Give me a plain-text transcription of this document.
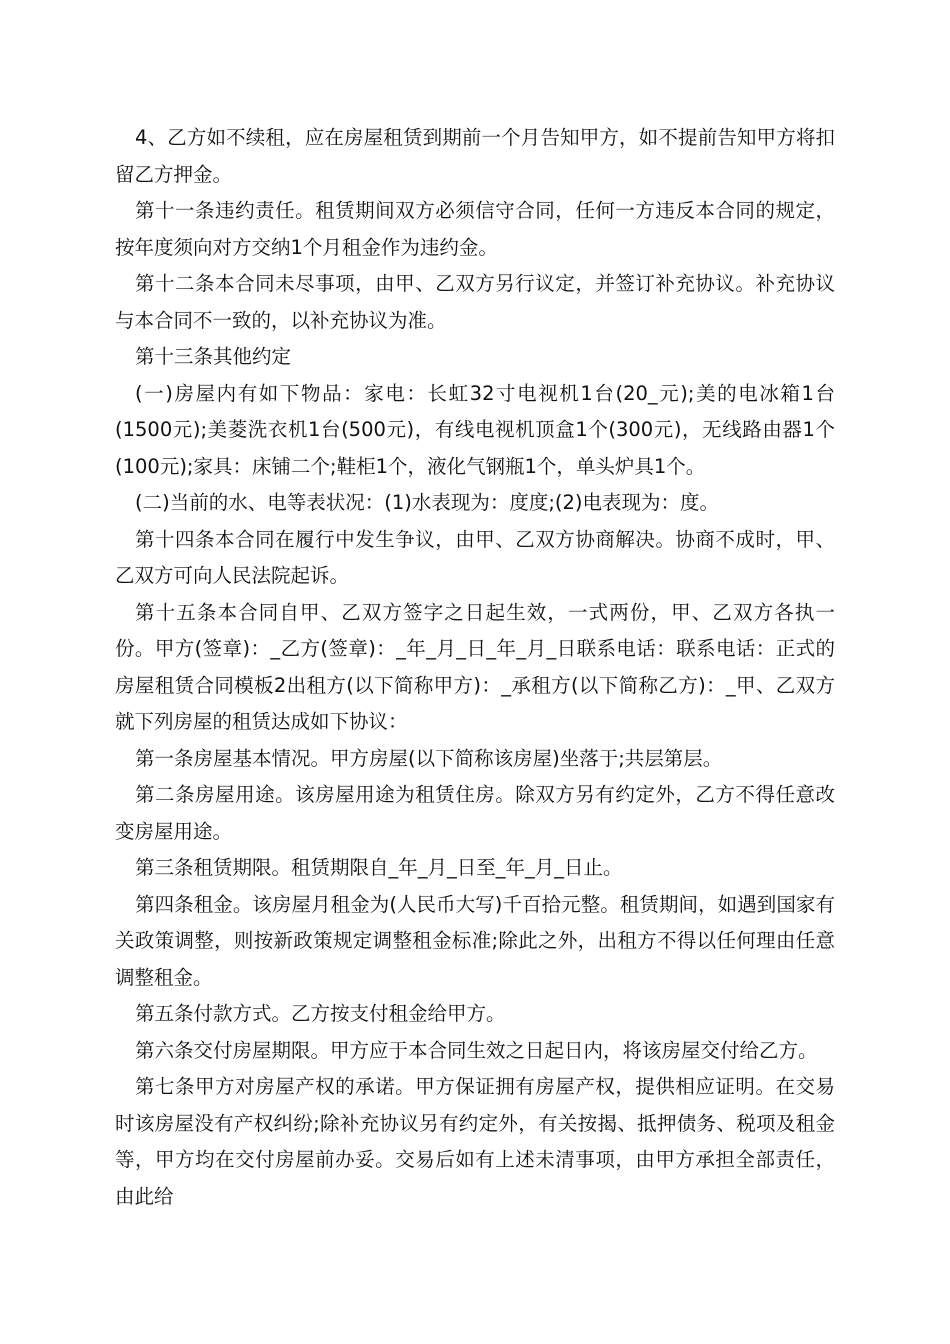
4、乙方如不续租，应在房屋租赁到期前一个月告知甲方，如不提前告知甲方将扣留乙方押金。

第十一条违约责任。租赁期间双方必须信守合同，任何一方违反本合同的规定，按年度须向对方交纳1个月租金作为违约金。

第十二条本合同未尽事项，由甲、乙双方另行议定，并签订补充协议。补充协议与本合同不一致的，以补充协议为准。

第十三条其他约定

(一)房屋内有如下物品：家电：长虹32寸电视机1台(20_元);美的电冰箱1台(1500元);美菱洗衣机1台(500元)，有线电视机顶盒1个(300元)，无线路由器1个(100元);家具：床铺二个;鞋柜1个，液化气钢瓶1个，单头炉具1个。

(二)当前的水、电等表状况：(1)水表现为：度度;(2)电表现为：度。

第十四条本合同在履行中发生争议，由甲、乙双方协商解决。协商不成时，甲、乙双方可向人民法院起诉。

第十五条本合同自甲、乙双方签字之日起生效，一式两份，甲、乙双方各执一份。甲方(签章)：_乙方(签章)：_年_月_日_年_月_日联系电话：联系电话：正式的房屋租赁合同模板2出租方(以下简称甲方)：_承租方(以下简称乙方)：_甲、乙双方就下列房屋的租赁达成如下协议：

第一条房屋基本情况。甲方房屋(以下简称该房屋)坐落于;共层第层。

第二条房屋用途。该房屋用途为租赁住房。除双方另有约定外，乙方不得任意改变房屋用途。

第三条租赁期限。租赁期限自_年_月_日至_年_月_日止。

第四条租金。该房屋月租金为(人民币大写)千百拾元整。租赁期间，如遇到国家有关政策调整，则按新政策规定调整租金标准;除此之外，出租方不得以任何理由任意调整租金。

第五条付款方式。乙方按支付租金给甲方。

第六条交付房屋期限。甲方应于本合同生效之日起日内，将该房屋交付给乙方。

第七条甲方对房屋产权的承诺。甲方保证拥有房屋产权，提供相应证明。在交易时该房屋没有产权纠纷;除补充协议另有约定外，有关按揭、抵押债务、税项及租金等，甲方均在交付房屋前办妥。交易后如有上述未清事项，由甲方承担全部责任，由此给
